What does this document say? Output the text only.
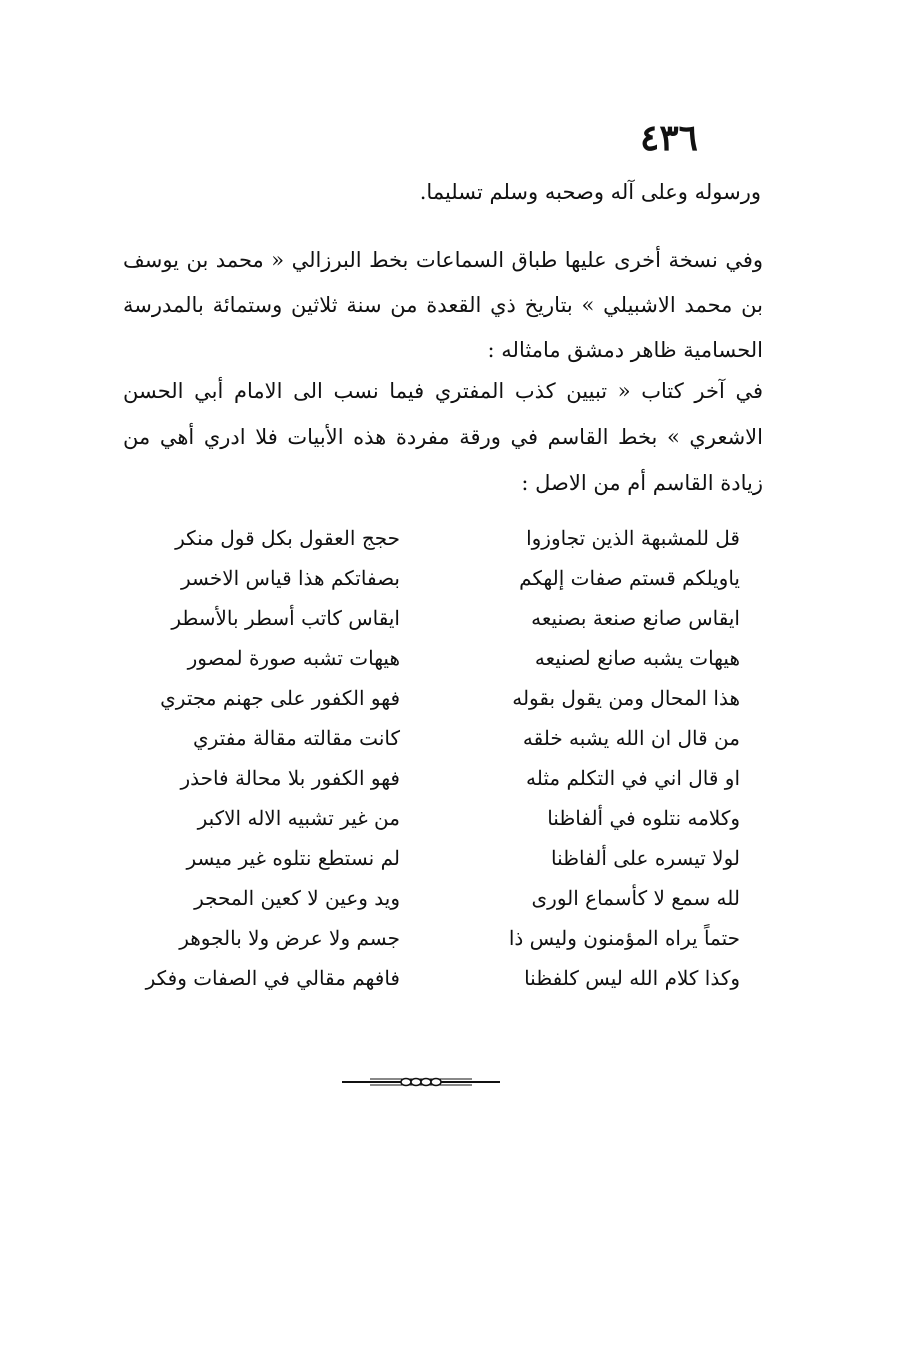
٤٣٦
ورسوله وعلى آله وصحبه وسلم تسليما.
وفي نسخة أخرى عليها طباق السماعات بخط البرزالي « محمد بن يوسف بن محمد الاشبيلي » بتاريخ ذي القعدة من سنة ثلاثين وستمائة بالمدرسة الحسامية ظاهر دمشق مامثاله :
في آخر كتاب « تبيين كذب المفتري فيما نسب الى الامام أبي الحسن الاشعري » بخط القاسم في ورقة مفردة هذه الأبيات فلا ادري أهي من زيادة القاسم أم من الاصل :
قل للمشبهة الذين تجاوزوا
حجج العقول بكل قول منكر
ياويلكم قستم صفات إلهكم
بصفاتكم هذا قياس الاخسر
ايقاس صانع صنعة بصنيعه
ايقاس كاتب أسطر بالأسطر
هيهات يشبه صانع لصنيعه
هيهات تشبه صورة لمصور
هذا المحال ومن يقول بقوله
فهو الكفور على جهنم مجتري
من قال ان الله يشبه خلقه
كانت مقالته مقالة مفتري
او قال اني في التكلم مثله
فهو الكفور بلا محالة فاحذر
وكلامه نتلوه في ألفاظنا
من غير تشبيه الاله الاكبر
لولا تيسره على ألفاظنا
لم نستطع نتلوه غير ميسر
لله سمع لا كأسماع الورى
ويد وعين لا كعين المحجر
حتماً يراه المؤمنون وليس ذا
جسم ولا عرض ولا بالجوهر
وكذا كلام الله ليس كلفظنا
فافهم مقالي في الصفات وفكر
